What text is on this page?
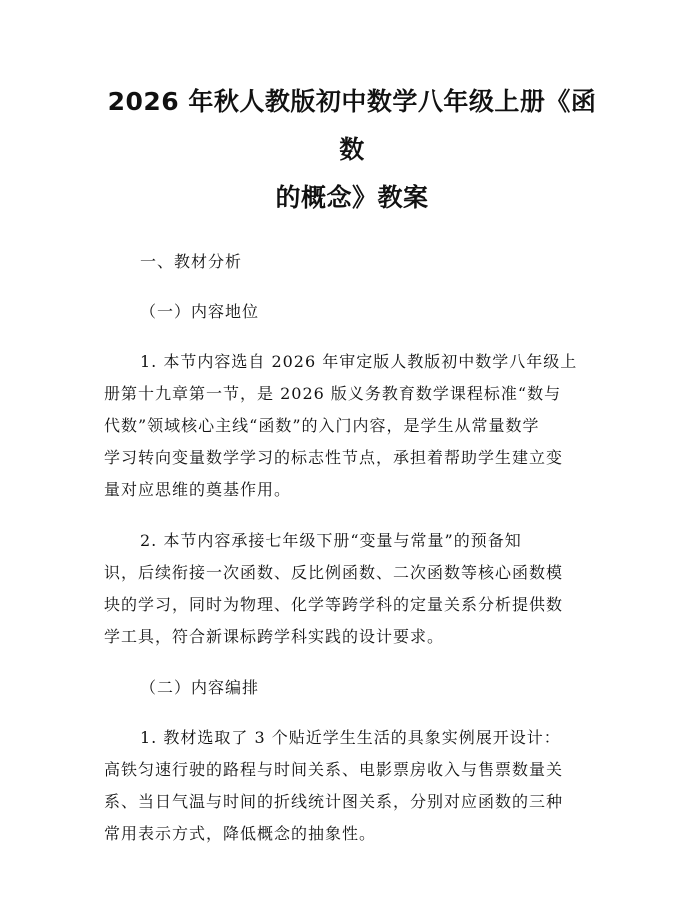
2026 年秋人教版初中数学八年级上册《函数
的概念》教案

一、教材分析

（一）内容地位

1. 本节内容选自 2026 年审定版人教版初中数学八年级上
册第十九章第一节，是 2026 版义务教育数学课程标准“数与
代数”领域核心主线“函数”的入门内容，是学生从常量数学
学习转向变量数学学习的标志性节点，承担着帮助学生建立变
量对应思维的奠基作用。

2. 本节内容承接七年级下册“变量与常量”的预备知
识，后续衔接一次函数、反比例函数、二次函数等核心函数模
块的学习，同时为物理、化学等跨学科的定量关系分析提供数
学工具，符合新课标跨学科实践的设计要求。

（二）内容编排

1. 教材选取了 3 个贴近学生生活的具象实例展开设计：
高铁匀速行驶的路程与时间关系、电影票房收入与售票数量关
系、当日气温与时间的折线统计图关系，分别对应函数的三种
常用表示方式，降低概念的抽象性。
